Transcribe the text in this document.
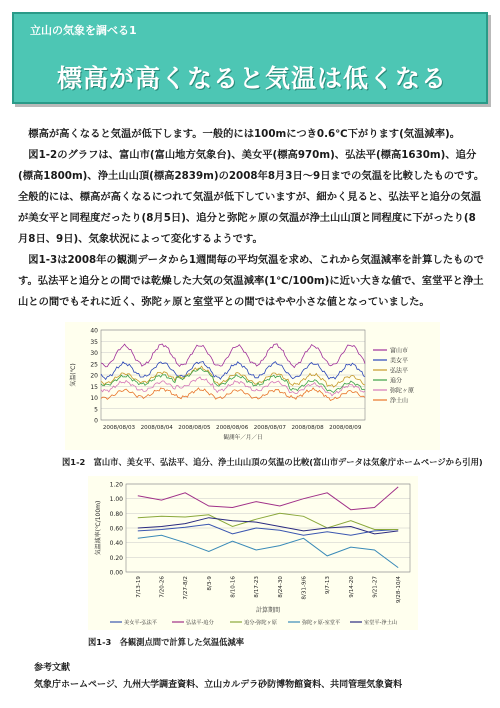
立山の気象を調べる1
標高が高くなると気温は低くなる

標高が高くなると気温が低下します。一般的には100mにつき0.6℃下がります(気温減率)。

図1-2のグラフは、富山市(富山地方気象台)、美女平(標高970m)、弘法平(標高1630m)、追分(標高1800m)、浄土山山頂(標高2839m)の2008年8月3日〜9日までの気温を比較したものです。

全般的には、標高が高くなるにつれて気温が低下していますが、細かく見ると、弘法平と追分の気温が美女平と同程度だったり(8月5日)、追分と弥陀ヶ原の気温が浄土山山頂と同程度に下がったり(8月8日、9日)、気象状況によって変化するようです。

図1-3は2008年の観測データから1週間毎の平均気温を求め、これから気温減率を計算したものです。弘法平と追分との間では乾燥した大気の気温減率(1℃/100m)に近い大きな値で、室堂平と浄土山との間でもそれに近く、弥陀ヶ原と室堂平との間ではやや小さな値となっていました。

0
5
10
15
20
25
30
35
40
2008/08/03 2008/08/04 2008/08/05 2008/08/06 2008/08/07 2008/08/08 2008/08/09
観測年／月／日
気温(℃)
富山市
美女平
弘法平
追分
弥陀ヶ原
浄土山
図1-2　富山市、美女平、弘法平、追分、浄土山山頂の気温の比較(富山市データは気象庁ホームページから引用)
0.00
0.20
0.40
0.60
0.80
1.00
1.20
7/13-19	7/20-26	7/27-8/2	8/3-9	8/10-16	8/17-23	8/24-30	8/31-9/6	9/7-13	9/14-20	9/21-27	9/28-10/4
計算期間
気温減率(℃/100m)
美女平-弘法平	弘法平-追分	追分-弥陀ヶ原	弥陀ヶ原-室堂平	室堂平-浄土山
図1-3　各観測点間で計算した気温低減率
参考文献
気象庁ホームページ、九州大学調査資料、立山カルデラ砂防博物館資料、共同管理気象資料
